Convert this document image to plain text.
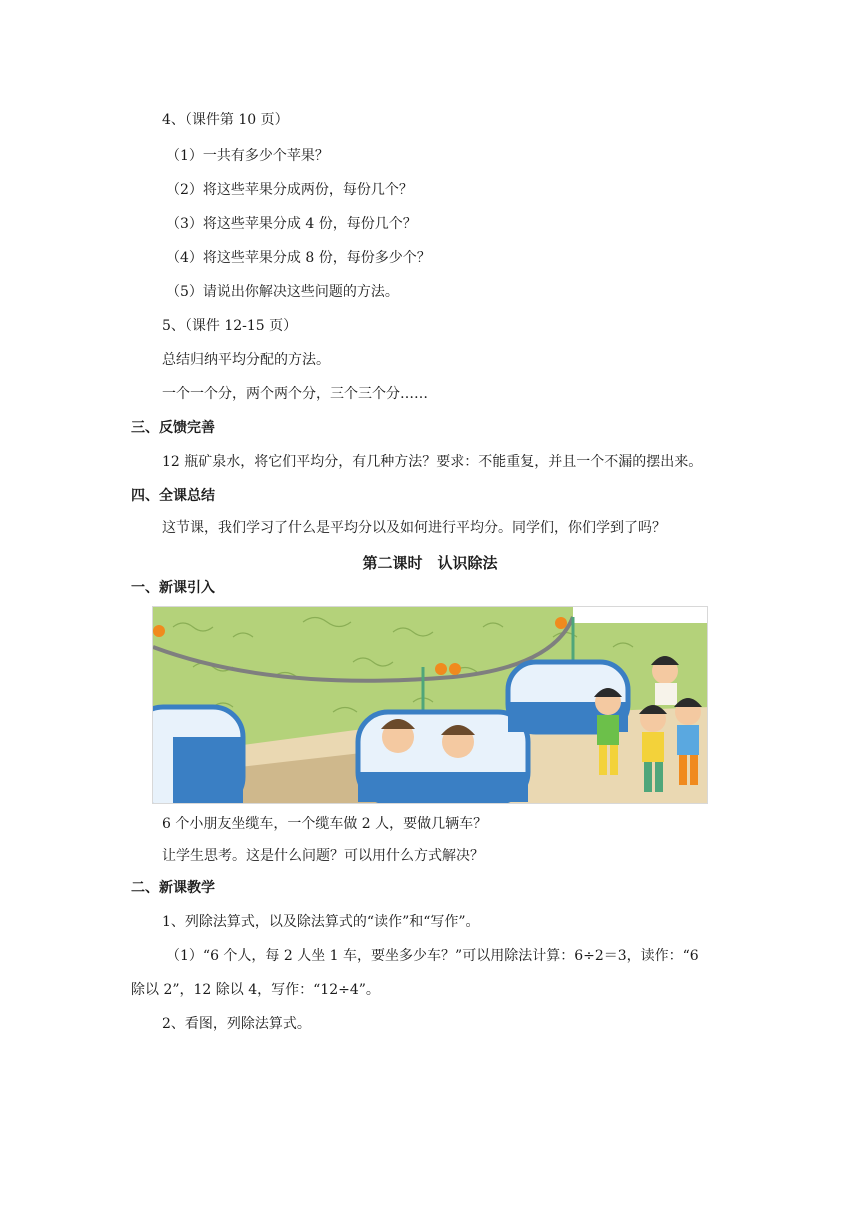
4、（课件第 10 页）
（1）一共有多少个苹果？
（2）将这些苹果分成两份，每份几个？
（3）将这些苹果分成 4 份，每份几个？
（4）将这些苹果分成 8 份，每份多少个？
（5）请说出你解决这些问题的方法。
5、（课件 12-15 页）
总结归纳平均分配的方法。
一个一个分，两个两个分，三个三个分……
三、反馈完善
12 瓶矿泉水，将它们平均分，有几种方法？要求：不能重复，并且一个不漏的摆出来。
四、全课总结
这节课，我们学习了什么是平均分以及如何进行平均分。同学们，你们学到了吗？
第二课时　认识除法
一、新课引入
6 个小朋友坐缆车，一个缆车做 2 人，要做几辆车？
让学生思考。这是什么问题？可以用什么方式解决？
二、新课教学
1、列除法算式，以及除法算式的“读作”和“写作”。
（1）“6 个人，每 2 人坐 1 车，要坐多少车？”可以用除法计算：6÷2＝3，读作：“6
除以 2”，12 除以 4，写作：“12÷4”。
2、看图，列除法算式。
